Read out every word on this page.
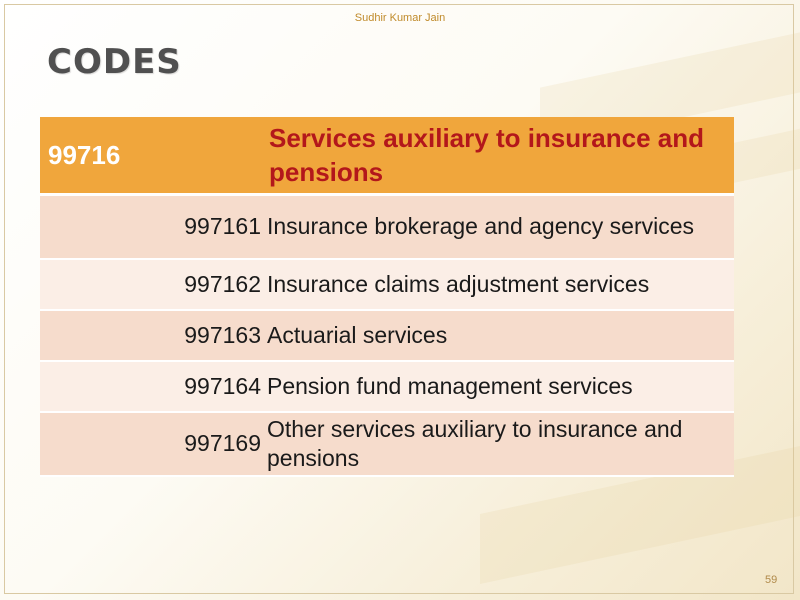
Sudhir Kumar Jain
CODES
99716	Services auxiliary to insurance and pensions
997161	Insurance brokerage and agency services
997162	Insurance claims adjustment services
997163	Actuarial services
997164	Pension fund management services
997169	Other services auxiliary to insurance and pensions
59
